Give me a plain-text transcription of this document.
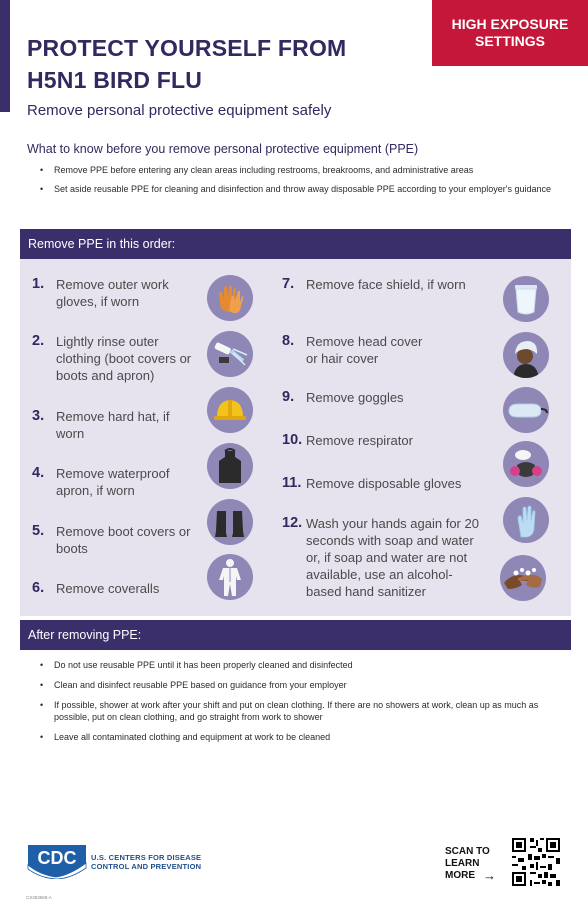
HIGH EXPOSURE SETTINGS
PROTECT YOURSELF FROM H5N1 BIRD FLU
Remove personal protective equipment safely
What to know before you remove personal protective equipment (PPE)
• Remove PPE before entering any clean areas including restrooms, breakrooms, and administrative areas
• Set aside reusable PPE for cleaning and disinfection and throw away disposable PPE according to your employer's guidance
Remove PPE in this order:
1. Remove outer work gloves, if worn
2. Lightly rinse outer clothing (boot covers or boots and apron)
3. Remove hard hat, if worn
4. Remove waterproof apron, if worn
5. Remove boot covers or boots
6. Remove coveralls
7. Remove face shield, if worn
8. Remove head cover or hair cover
9. Remove goggles
10. Remove respirator
11. Remove disposable gloves
12. Wash your hands again for 20 seconds with soap and water or, if soap and water are not available, use an alcohol-based hand sanitizer
After removing PPE:
• Do not use reusable PPE until it has been properly cleaned and disinfected
• Clean and disinfect reusable PPE based on guidance from your employer
• If possible, shower at work after your shift and put on clean clothing. If there are no showers at work, clean up as much as possible, put on clean clothing, and go straight from work to shower
• Leave all contaminated clothing and equipment at work to be cleaned
CDC U.S. CENTERS FOR DISEASE CONTROL AND PREVENTION
CS353668-A
SCAN TO LEARN MORE →
